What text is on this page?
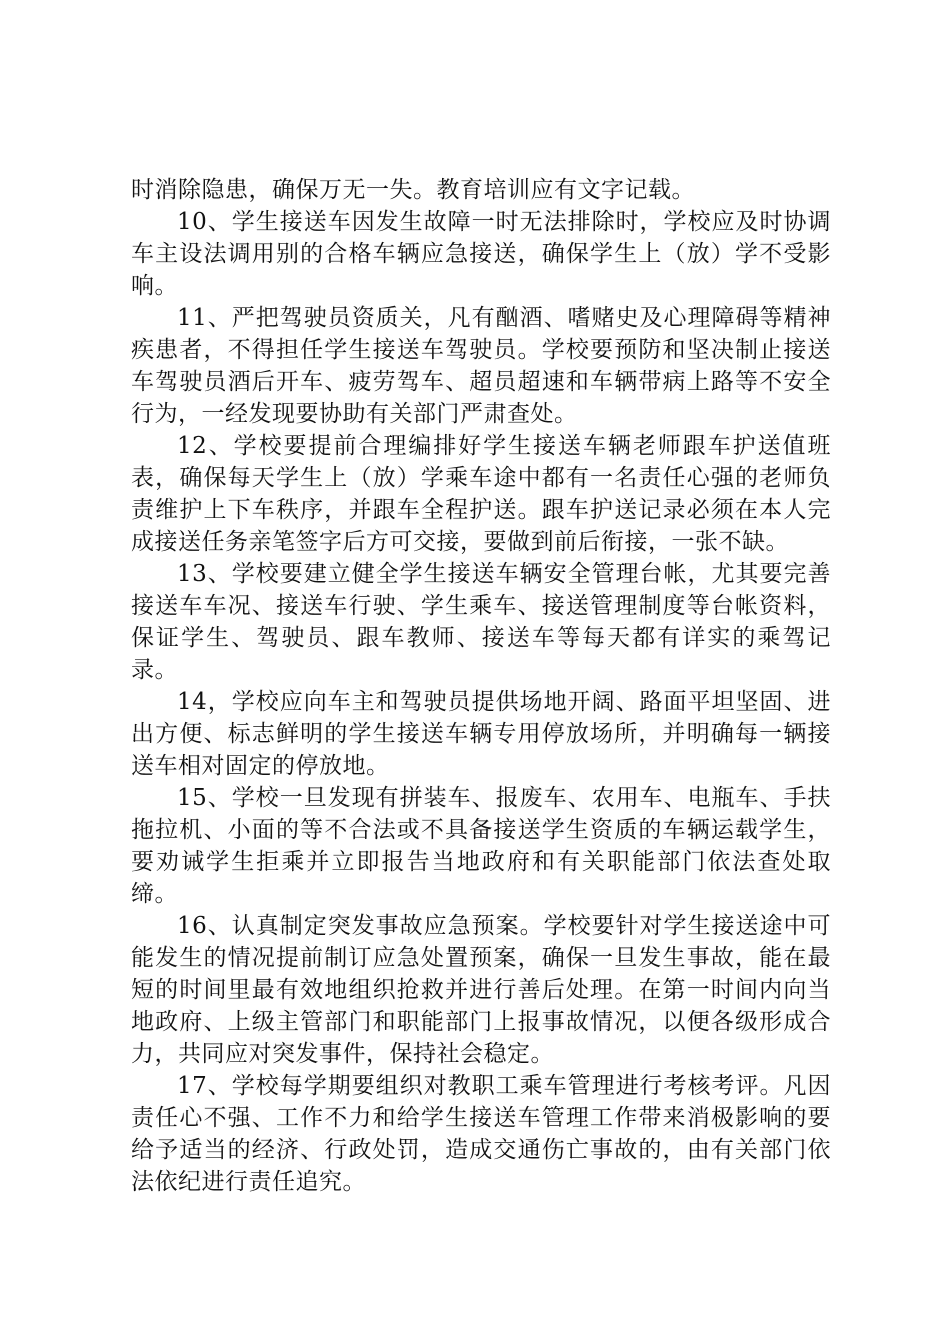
时消除隐患，确保万无一失。教育培训应有文字记载。

10、学生接送车因发生故障一时无法排除时，学校应及时协调车主设法调用别的合格车辆应急接送，确保学生上（放）学不受影响。

11、严把驾驶员资质关，凡有酗酒、嗜赌史及心理障碍等精神疾患者，不得担任学生接送车驾驶员。学校要预防和坚决制止接送车驾驶员酒后开车、疲劳驾车、超员超速和车辆带病上路等不安全行为，一经发现要协助有关部门严肃查处。

12、学校要提前合理编排好学生接送车辆老师跟车护送值班表，确保每天学生上（放）学乘车途中都有一名责任心强的老师负责维护上下车秩序，并跟车全程护送。跟车护送记录必须在本人完成接送任务亲笔签字后方可交接，要做到前后衔接，一张不缺。

13、学校要建立健全学生接送车辆安全管理台帐，尤其要完善接送车车况、接送车行驶、学生乘车、接送管理制度等台帐资料，保证学生、驾驶员、跟车教师、接送车等每天都有详实的乘驾记录。

14，学校应向车主和驾驶员提供场地开阔、路面平坦坚固、进出方便、标志鲜明的学生接送车辆专用停放场所，并明确每一辆接送车相对固定的停放地。

15、学校一旦发现有拼装车、报废车、农用车、电瓶车、手扶拖拉机、小面的等不合法或不具备接送学生资质的车辆运载学生，要劝诫学生拒乘并立即报告当地政府和有关职能部门依法查处取缔。

16、认真制定突发事故应急预案。学校要针对学生接送途中可能发生的情况提前制订应急处置预案，确保一旦发生事故，能在最短的时间里最有效地组织抢救并进行善后处理。在第一时间内向当地政府、上级主管部门和职能部门上报事故情况，以便各级形成合力，共同应对突发事件，保持社会稳定。

17、学校每学期要组织对教职工乘车管理进行考核考评。凡因责任心不强、工作不力和给学生接送车管理工作带来消极影响的要给予适当的经济、行政处罚，造成交通伤亡事故的，由有关部门依法依纪进行责任追究。
